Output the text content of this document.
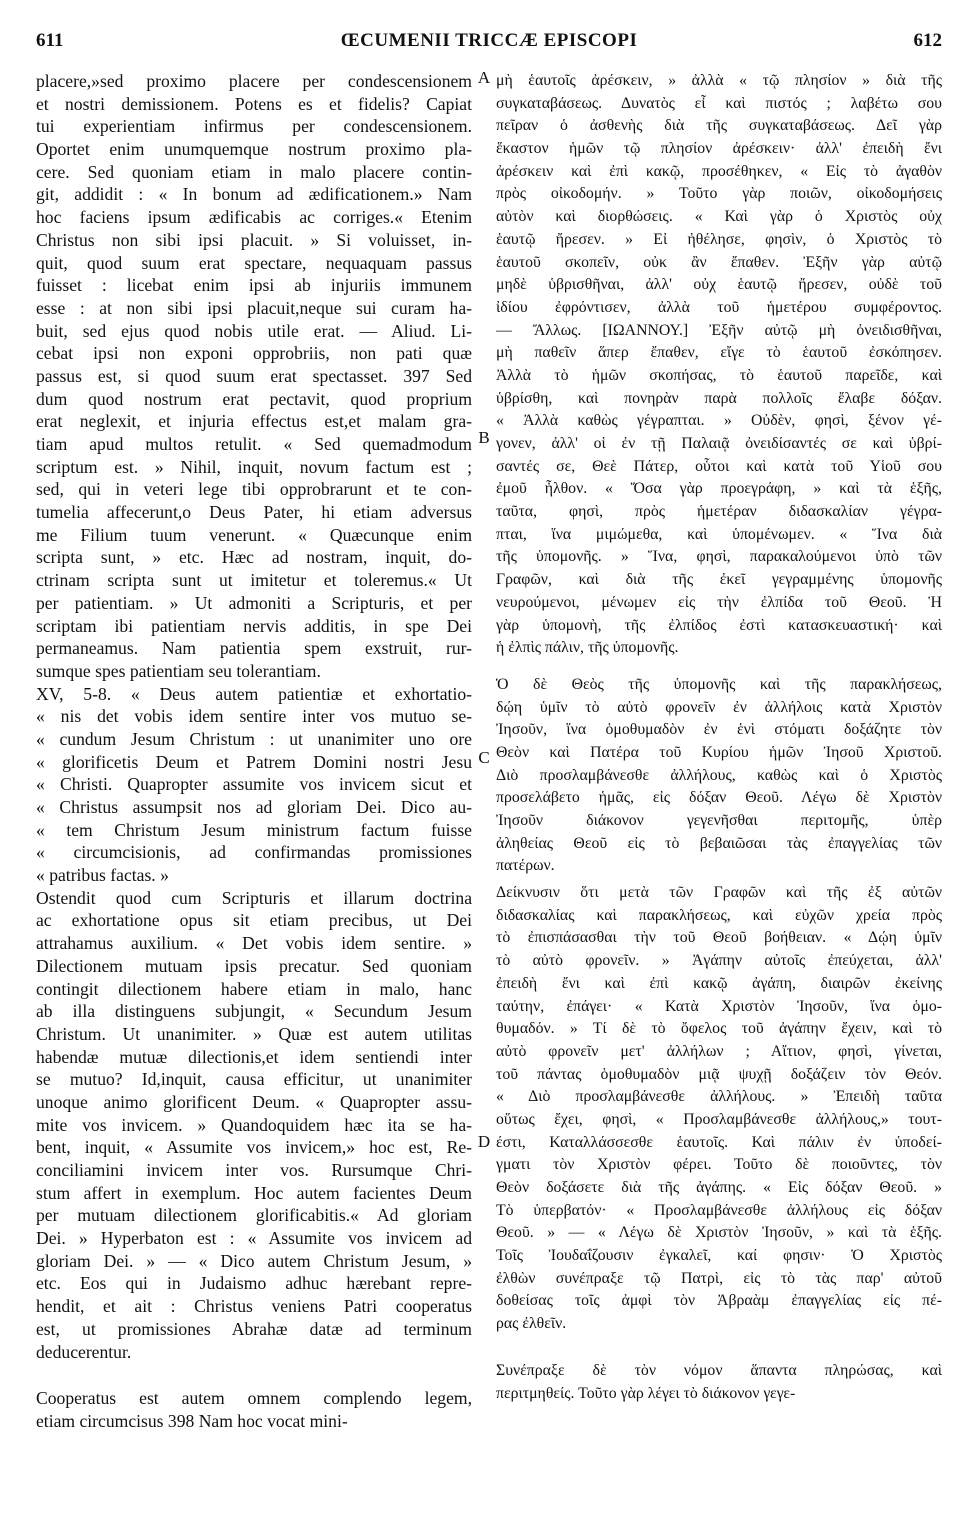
611	ŒCUMENII TRICCÆ EPISCOPI	612
placere,»sed proximo placere per condescensionem
et nostri demissionem. Potens es et fidelis? Capiat
tui experientiam infirmus per condescensionem.
Oportet enim unumquemque nostrum proximo pla-
cere. Sed quoniam etiam in malo placere contin-
git, addidit : « In bonum ad ædificationem.» Nam
hoc faciens ipsum ædificabis ac corriges.« Etenim
Christus non sibi ipsi placuit. » Si voluisset, in-
quit, quod suum erat spectare, nequaquam passus
fuisset : licebat enim ipsi ab injuriis immunem
esse : at non sibi ipsi placuit,neque sui curam ha-
buit, sed ejus quod nobis utile erat. — Aliud. Li-
cebat ipsi non exponi opprobriis, non pati quæ
passus est, si quod suum erat spectasset. 397 Sed
dum quod nostrum erat pectavit, quod proprium
erat neglexit, et injuria effectus est,et malam gra-
tiam apud multos retulit. « Sed quemadmodum
scriptum est. » Nihil, inquit, novum factum est ;
sed, qui in veteri lege tibi opprobrarunt et te con-
tumelia affecerunt,o Deus Pater, hi etiam adversus
me Filium tuum venerunt. « Quæcunque enim
scripta sunt, » etc. Hæc ad nostram, inquit, do-
ctrinam scripta sunt ut imitetur et toleremus.« Ut
per patientiam. » Ut admoniti a Scripturis, et per
scriptam ibi patientiam nervis additis, in spe Dei
permaneamus. Nam patientia spem exstruit, rur-
sumque spes patientiam seu tolerantiam.
XV, 5-8. « Deus autem patientiæ et exhortatio-
« nis det vobis idem sentire inter vos mutuo se-
« cundum Jesum Christum : ut unanimiter uno ore
« glorificetis Deum et Patrem Domini nostri Jesu
« Christi. Quapropter assumite vos invicem sicut et
« Christus assumpsit nos ad gloriam Dei. Dico au-
« tem Christum Jesum ministrum factum fuisse
« circumcisionis, ad confirmandas promissiones
« patribus factas. »
Ostendit quod cum Scripturis et illarum doctrina
ac exhortatione opus sit etiam precibus, ut Dei
attrahamus auxilium. « Det vobis idem sentire. »
Dilectionem mutuam ipsis precatur. Sed quoniam
contingit dilectionem habere etiam in malo, hanc
ab illa distinguens subjungit, « Secundum Jesum
Christum. Ut unanimiter. » Quæ est autem utilitas
habendæ mutuæ dilectionis,et idem sentiendi inter
se mutuo? Id,inquit, causa efficitur, ut unanimiter
unoque animo glorificent Deum. « Quapropter assu-
mite vos invicem. » Quandoquidem hæc ita se ha-
bent, inquit, « Assumite vos invicem,» hoc est, Re-
conciliamini invicem inter vos. Rursumque Chri-
stum affert in exemplum. Hoc autem facientes Deum
per mutuam dilectionem glorificabitis.« Ad gloriam
Dei. » Hyperbaton est : « Assumite vos invicem ad
gloriam Dei. » — « Dico autem Christum Jesum, »
etc. Eos qui in Judaismo adhuc hærebant repre-
hendit, et ait : Christus veniens Patri cooperatus
est, ut promissiones Abrahæ datæ ad terminum
deducerentur.
Cooperatus est autem omnem complendo legem,
etiam circumcisus 398 Nam hoc vocat mini-
μὴ ἑαυτοῖς ἀρέσκειν, » ἀλλὰ « τῷ πλησίον » διὰ τῆς
συγκαταβάσεως. Δυνατὸς εἶ καὶ πιστός ; λαβέτω σου
πεῖραν ὁ ἀσθενὴς διὰ τῆς συγκαταβάσεως. Δεῖ γὰρ
ἕκαστον ἡμῶν τῷ πλησίον ἀρέσκειν· ἀλλ' ἐπειδὴ ἔνι
ἀρέσκειν καὶ ἐπὶ κακῷ, προσέθηκεν, « Εἰς τὸ ἀγαθὸν
πρὸς οἰκοδομήν. » Τοῦτο γὰρ ποιῶν, οἰκοδομήσεις
αὐτὸν καὶ διορθώσεις. « Καὶ γὰρ ὁ Χριστὸς οὐχ
ἑαυτῷ ἤρεσεν. » Εἰ ἠθέλησε, φησὶν, ὁ Χριστὸς τὸ
ἑαυτοῦ σκοπεῖν, οὐκ ἂν ἔπαθεν. Ἐξῆν γὰρ αὐτῷ
μηδὲ ὑβρισθῆναι, ἀλλ' οὐχ ἑαυτῷ ἤρεσεν, οὐδὲ τοῦ
ἰδίου ἐφρόντισεν, ἀλλὰ τοῦ ἡμετέρου συμφέροντος.
— Ἄλλως. [ΙΩΑΝΝΟΥ.] Ἐξῆν αὐτῷ μὴ ὀνειδισθῆναι,
μὴ παθεῖν ἅπερ ἔπαθεν, εἴγε τὸ ἑαυτοῦ ἐσκόπησεν.
Ἀλλὰ τὸ ἡμῶν σκοπήσας, τὸ ἑαυτοῦ παρεῖδε, καὶ
ὑβρίσθη, καὶ πονηρὰν παρὰ πολλοῖς ἔλαβε δόξαν.
« Ἀλλὰ καθὼς γέγραπται. » Οὐδὲν, φησὶ, ξένον γέ-
γονεν, ἀλλ' οἱ ἐν τῇ Παλαιᾷ ὀνειδίσαντές σε καὶ ὑβρί-
σαντές σε, Θεὲ Πάτερ, οὗτοι καὶ κατὰ τοῦ Υἱοῦ σου
ἐμοῦ ἦλθον. « Ὅσα γὰρ προεγράφη, » καὶ τὰ ἑξῆς,
ταῦτα, φησὶ, πρὸς ἡμετέραν διδασκαλίαν γέγρα-
πται, ἵνα μιμώμεθα, καὶ ὑπομένωμεν. « Ἵνα διὰ
τῆς ὑπομονῆς. » Ἵνα, φησὶ, παρακαλούμενοι ὑπὸ τῶν
Γραφῶν, καὶ διὰ τῆς ἐκεῖ γεγραμμένης ὑπομονῆς
νευρούμενοι, μένωμεν εἰς τὴν ἐλπίδα τοῦ Θεοῦ. Ἡ
γὰρ ὑπομονὴ, τῆς ἐλπίδος ἐστὶ κατασκευαστική· καὶ
ἡ ἐλπὶς πάλιν, τῆς ὑπομονῆς.
Ὁ δὲ Θεὸς τῆς ὑπομονῆς καὶ τῆς παρακλήσεως,
δῴη ὑμῖν τὸ αὐτὸ φρονεῖν ἐν ἀλλήλοις κατὰ Χριστὸν
Ἰησοῦν, ἵνα ὁμοθυμαδὸν ἐν ἑνὶ στόματι δοξάζητε τὸν
Θεὸν καὶ Πατέρα τοῦ Κυρίου ἡμῶν Ἰησοῦ Χριστοῦ.
Διὸ προσλαμβάνεσθε ἀλλήλους, καθὼς καὶ ὁ Χριστὸς
προσελάβετο ἡμᾶς, εἰς δόξαν Θεοῦ. Λέγω δὲ Χριστὸν
Ἰησοῦν διάκονον γεγενῆσθαι περιτομῆς, ὑπὲρ
ἀληθείας Θεοῦ εἰς τὸ βεβαιῶσαι τὰς ἐπαγγελίας τῶν
πατέρων.
Δείκνυσιν ὅτι μετὰ τῶν Γραφῶν καὶ τῆς ἐξ αὐτῶν
διδασκαλίας καὶ παρακλήσεως, καὶ εὐχῶν χρεία πρὸς
τὸ ἐπισπάσασθαι τὴν τοῦ Θεοῦ βοήθειαν. « Δῴη ὑμῖν
τὸ αὐτὸ φρονεῖν. » Ἀγάπην αὐτοῖς ἐπεύχεται, ἀλλ'
ἐπειδὴ ἔνι καὶ ἐπὶ κακῷ ἀγάπη, διαιρῶν ἐκείνης
ταύτην, ἐπάγει· « Κατὰ Χριστὸν Ἰησοῦν, ἵνα ὁμο-
θυμαδόν. » Τί δὲ τὸ ὄφελος τοῦ ἀγάπην ἔχειν, καὶ τὸ
αὐτὸ φρονεῖν μετ' ἀλλήλων ; Αἴτιον, φησὶ, γίνεται,
τοῦ πάντας ὁμοθυμαδὸν μιᾷ ψυχῇ δοξάζειν τὸν Θεόν.
« Διὸ προσλαμβάνεσθε ἀλλήλους. » Ἐπειδὴ ταῦτα
οὕτως ἔχει, φησὶ, « Προσλαμβάνεσθε ἀλλήλους,» τουτ-
έστι, Καταλλάσσεσθε ἑαυτοῖς. Καὶ πάλιν ἐν ὑποδεί-
γματι τὸν Χριστὸν φέρει. Τοῦτο δὲ ποιοῦντες, τὸν
Θεὸν δοξάσετε διὰ τῆς ἀγάπης. « Εἰς δόξαν Θεοῦ. »
Τὸ ὑπερβατόν· « Προσλαμβάνεσθε ἀλλήλους εἰς δόξαν
Θεοῦ. » — « Λέγω δὲ Χριστὸν Ἰησοῦν, » καὶ τὰ ἑξῆς.
Τοῖς Ἰουδαΐζουσιν ἐγκαλεῖ, καί φησιν· Ὁ Χριστὸς
ἐλθὼν συνέπραξε τῷ Πατρὶ, εἰς τὸ τὰς παρ' αὐτοῦ
δοθείσας τοῖς ἀμφὶ τὸν Ἀβραὰμ ἐπαγγελίας εἰς πέ-
ρας ἐλθεῖν.
Συνέπραξε δὲ τὸν νόμον ἅπαντα πληρώσας, καὶ
περιτμηθείς. Τοῦτο γὰρ λέγει τὸ διάκονον γεγε-
A
B
C
D
